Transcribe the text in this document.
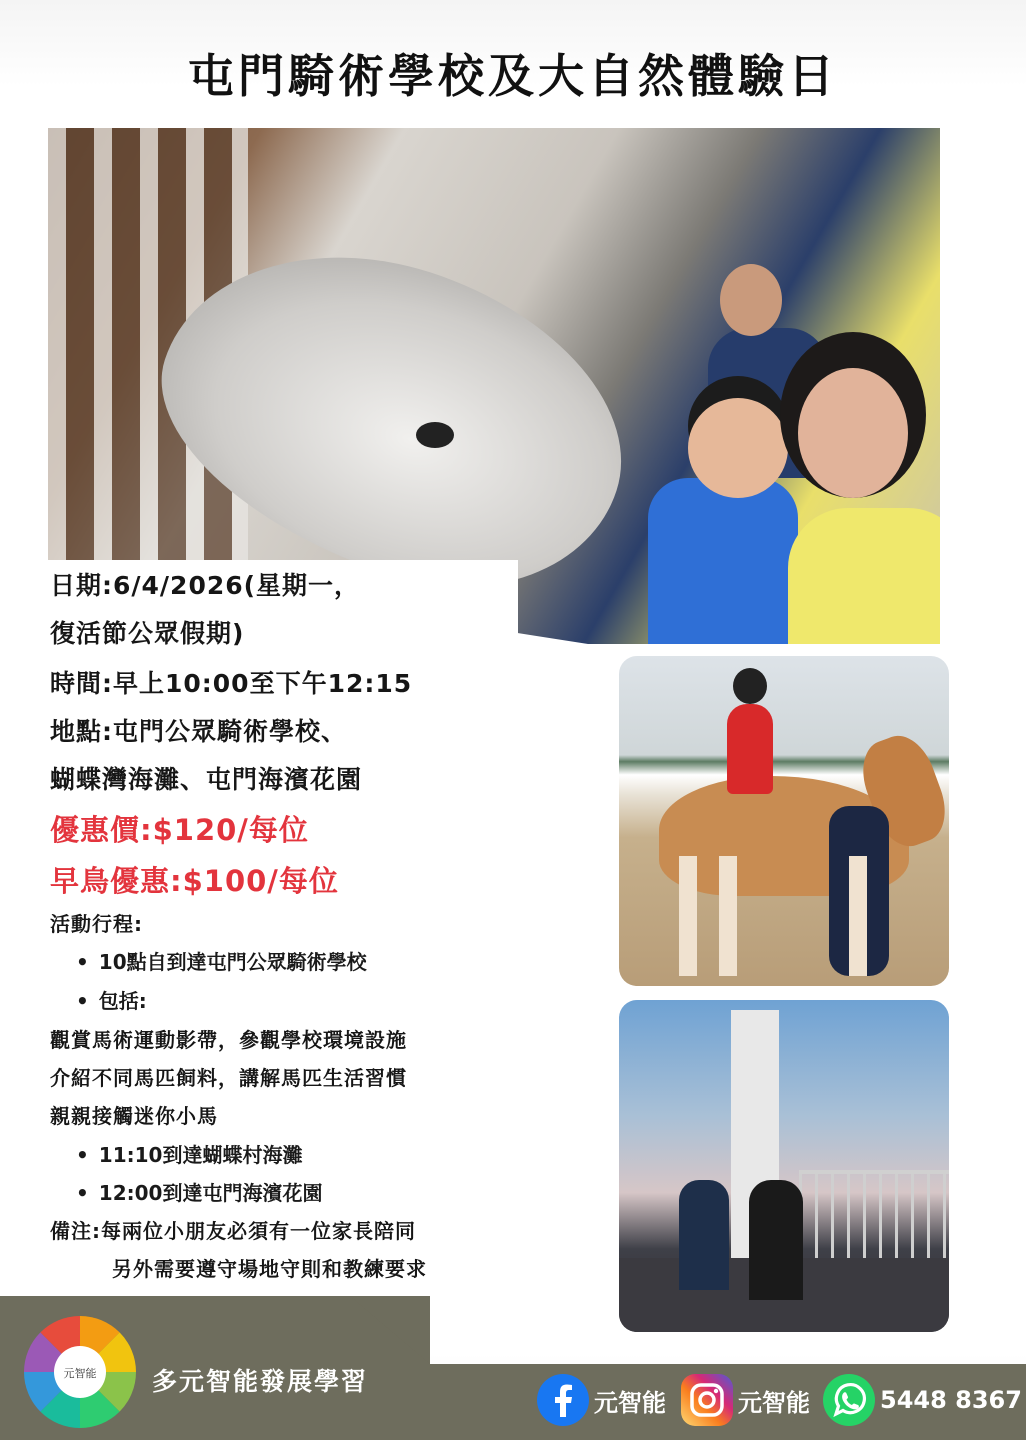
屯門騎術學校及大自然體驗日
日期:6/4/2026(星期一，
復活節公眾假期)
時間:早上10:00至下午12:15
地點:屯門公眾騎術學校、
蝴蝶灣海灘、屯門海濱花園
優惠價:$120/每位
早鳥優惠:$100/每位
活動行程:
• 10點自到達屯門公眾騎術學校
• 包括:
觀賞馬術運動影帶，參觀學校環境設施
介紹不同馬匹飼料，講解馬匹生活習慣
親親接觸迷你小馬
• 11:10到達蝴蝶村海灘
• 12:00到達屯門海濱花園
備注:每兩位小朋友必須有一位家長陪同
另外需要遵守場地守則和教練要求
元智能 多元智能發展學習
元智能	元智能	5448 8367
